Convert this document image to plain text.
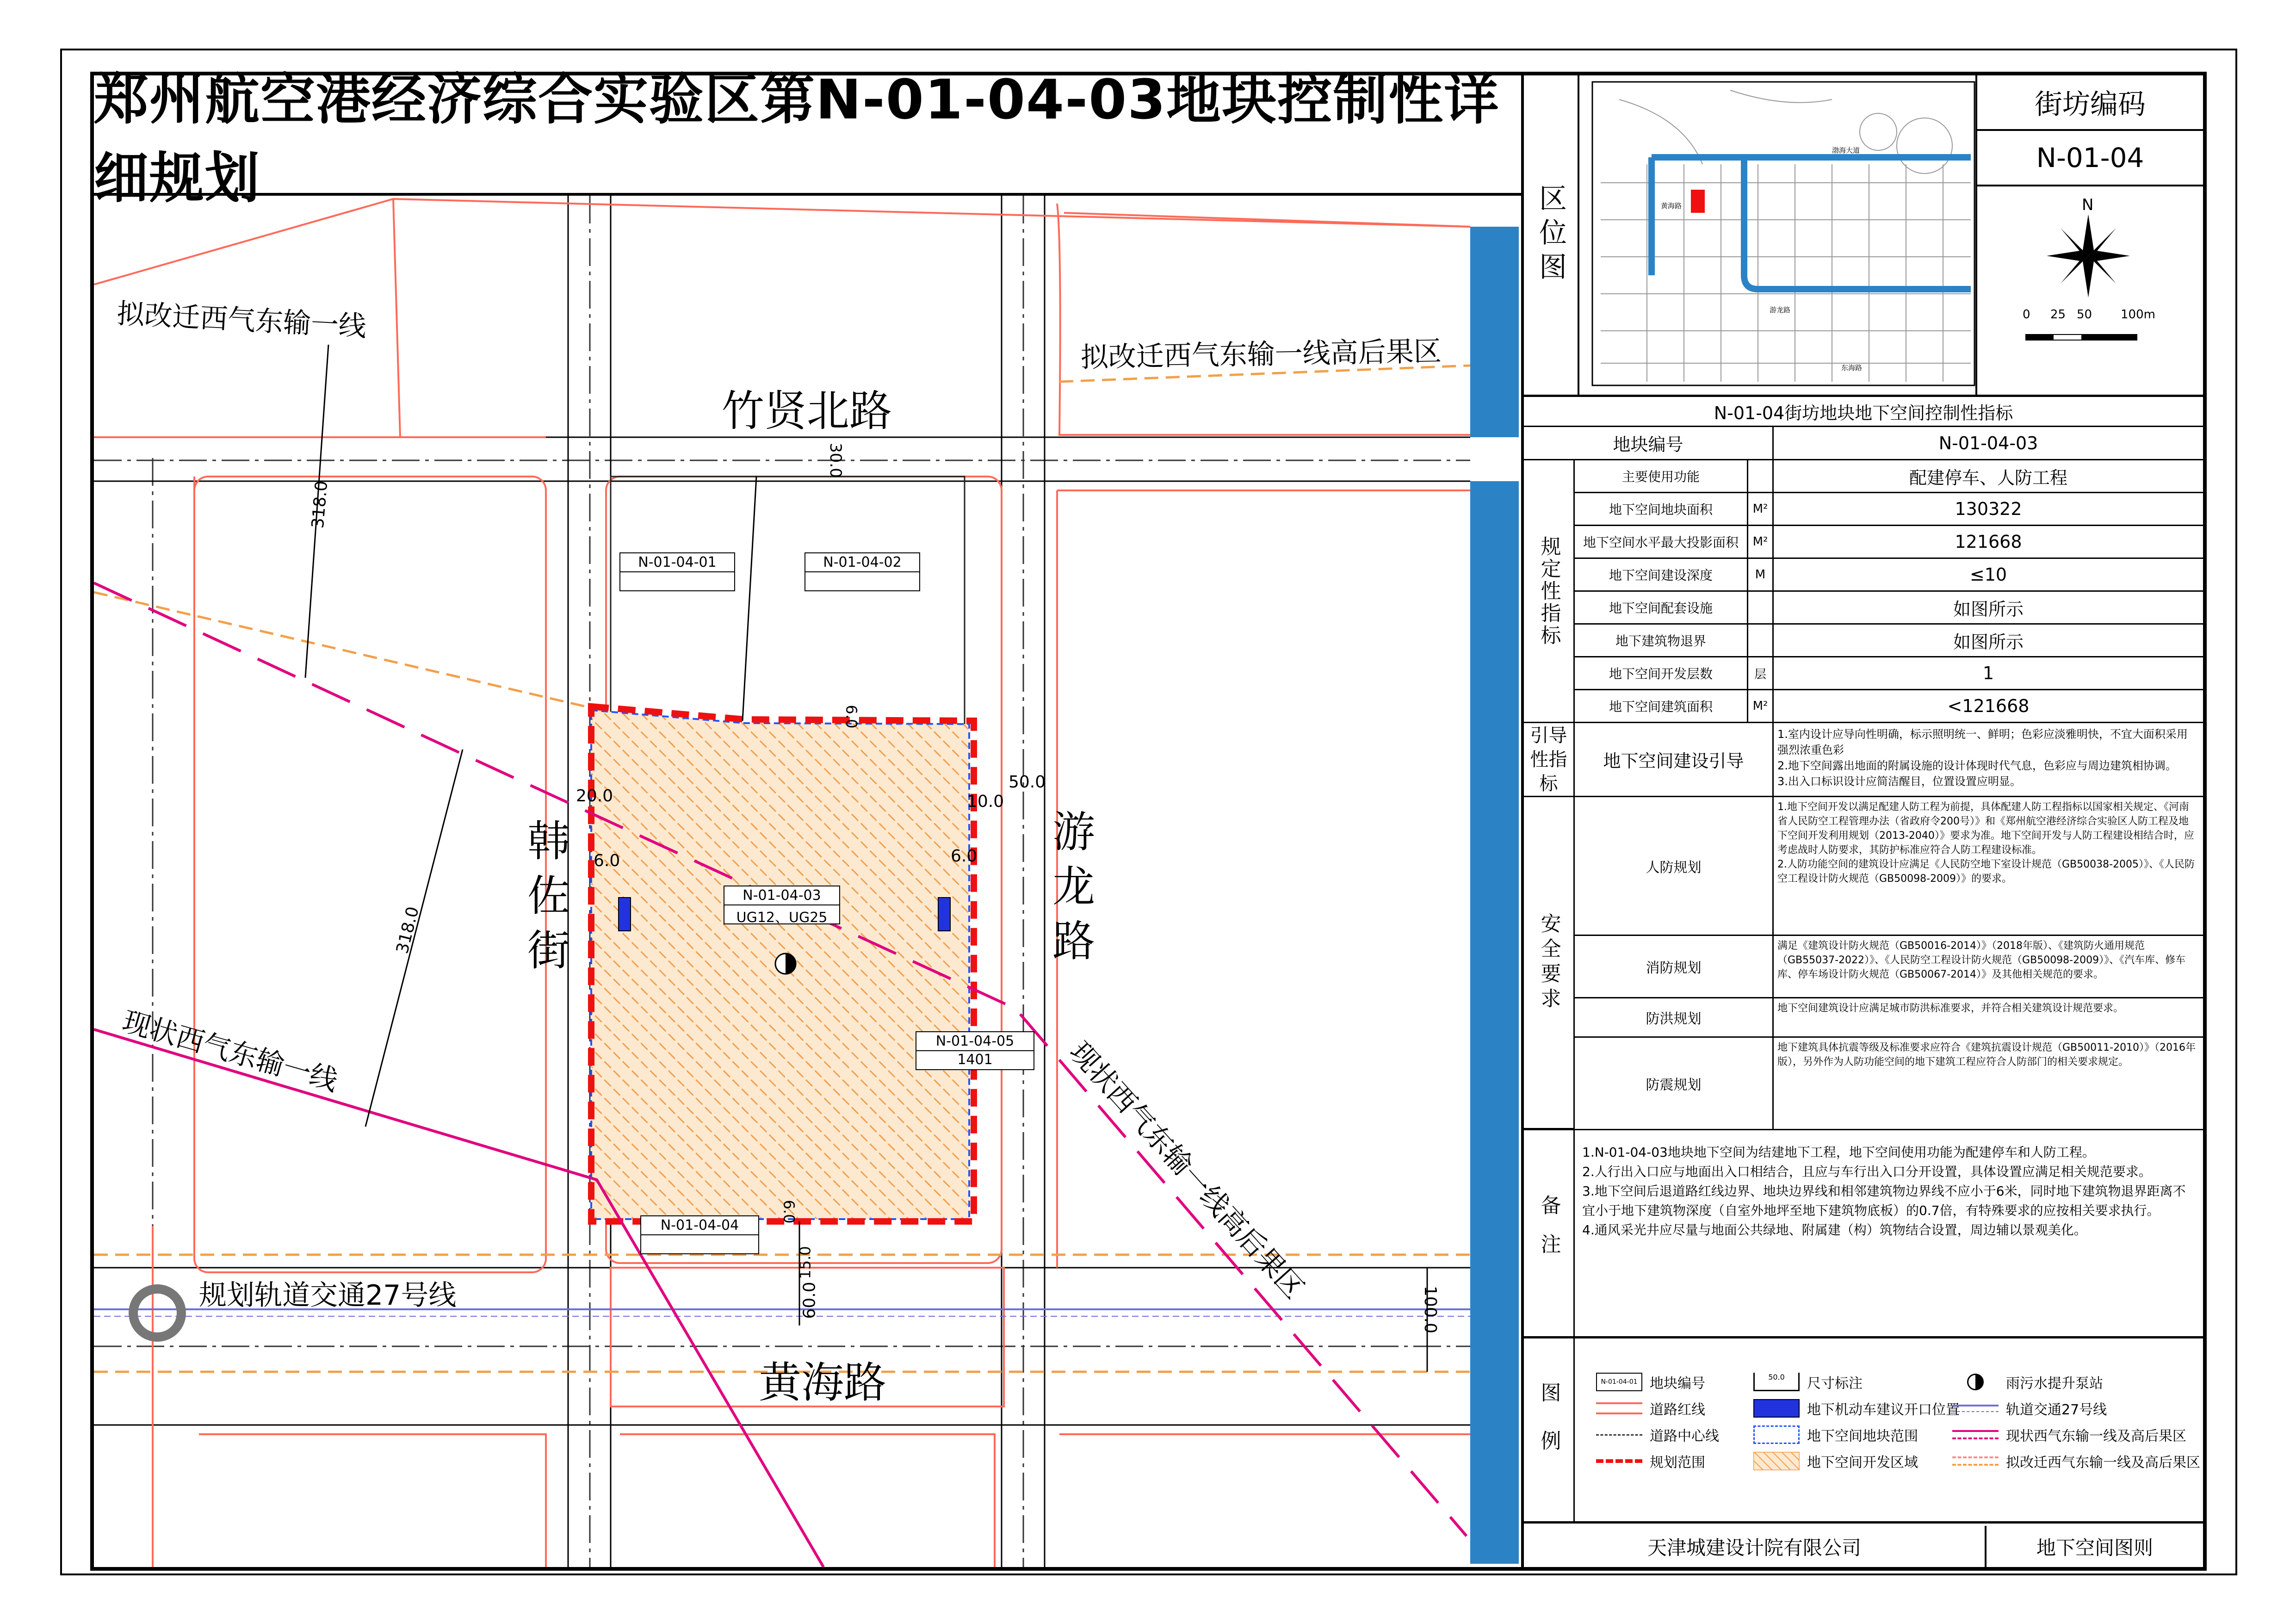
郑州航空港经济综合实验区第N-01-04-03地块控制性详细规划
竹贤北路
黄海路
韩佐街
游龙路
拟改迁西气东输一线
拟改迁西气东输一线高后果区
现状西气东输一线	现状西气东输一线高后果区
规划轨道交通27号线
318.0
318.0
30.0
50.0
60.0	100.0
20.0
6.0	6.0
6.0
6.0
15.0
10.0
N-01-04-01	N-01-04-02
N-01-04-03
UG12、UG25
N-01-04-05
1401
N-01-04-04
区位图
渤海大道
黄海路
游龙路
东海路
街坊编码
N-01-04
N
0 25 50 100m
N-01-04街坊地块地下空间控制性指标
地块编号	N-01-04-03
规定性指标
主要使用功能	配建停车、人防工程
地下空间地块面积	M²	130322
地下空间水平最大投影面积	M²	121668
地下空间建设深度	M	≤10
地下空间配套设施	如图所示
地下建筑物退界	如图所示
地下空间开发层数	层	1
地下空间建筑面积	M²	<121668
引导性指标
地下空间建设引导
1.室内设计应导向性明确，标示照明统一、鲜明；色彩应淡雅明快，不宜大面积采用强烈浓重色彩
2.地下空间露出地面的附属设施的设计体现时代气息，色彩应与周边建筑相协调。
3.出入口标识设计应简洁醒目，位置设置应明显。
安全要求
人防规划
1.地下空间开发以满足配建人防工程为前提，具体配建人防工程指标以国家相关规定、《河南省人民防空工程管理办法（省政府令200号）》和《郑州航空港经济综合实验区人防工程及地下空间开发利用规划（2013-2040）》要求为准。地下空间开发与人防工程建设相结合时，应考虑战时人防要求，其防护标准应符合人防工程建设标准。
2.人防功能空间的建筑设计应满足《人民防空地下室设计规范（GB50038-2005）》、《人民防空工程设计防火规范（GB50098-2009）》的要求。
消防规划
满足《建筑设计防火规范（GB50016-2014）》（2018年版）、《建筑防火通用规范（GB55037-2022）》、《人民防空工程设计防火规范（GB50098-2009）》、《汽车库、修车库、停车场设计防火规范（GB50067-2014）》及其他相关规范的要求。
防洪规划
地下空间建筑设计应满足城市防洪标准要求，并符合相关建筑设计规范要求。
防震规划
地下建筑具体抗震等级及标准要求应符合《建筑抗震设计规范（GB50011-2010）》（2016年版），另外作为人防功能空间的地下建筑工程应符合人防部门的相关要求规定。
备注

1.N-01-04-03地块地下空间为结建地下工程，地下空间使用功能为配建停车和人防工程。

2.人行出入口应与地面出入口相结合，且应与车行出入口分开设置，具体设置应满足相关规范要求。

3.地下空间后退道路红线边界、地块边界线和相邻建筑物边界线不应小于6米，同时地下建筑物退界距离不宜小于地下建筑物深度（自室外地坪至地下建筑物底板）的0.7倍，有特殊要求的应按相关要求执行。

4.通风采光井应尽量与地面公共绿地、附属建（构）筑物结合设置，周边辅以景观美化。

图例	N-01-04-01 地块编号	50.0	尺寸标注	雨污水提升泵站
道路红线	地下机动车建议开口位置	轨道交通27号线
道路中心线	地下空间地块范围	现状西气东输一线及高后果区
规划范围	地下空间开发区域	拟改迁西气东输一线及高后果区
天津城建设计院有限公司	地下空间图则
